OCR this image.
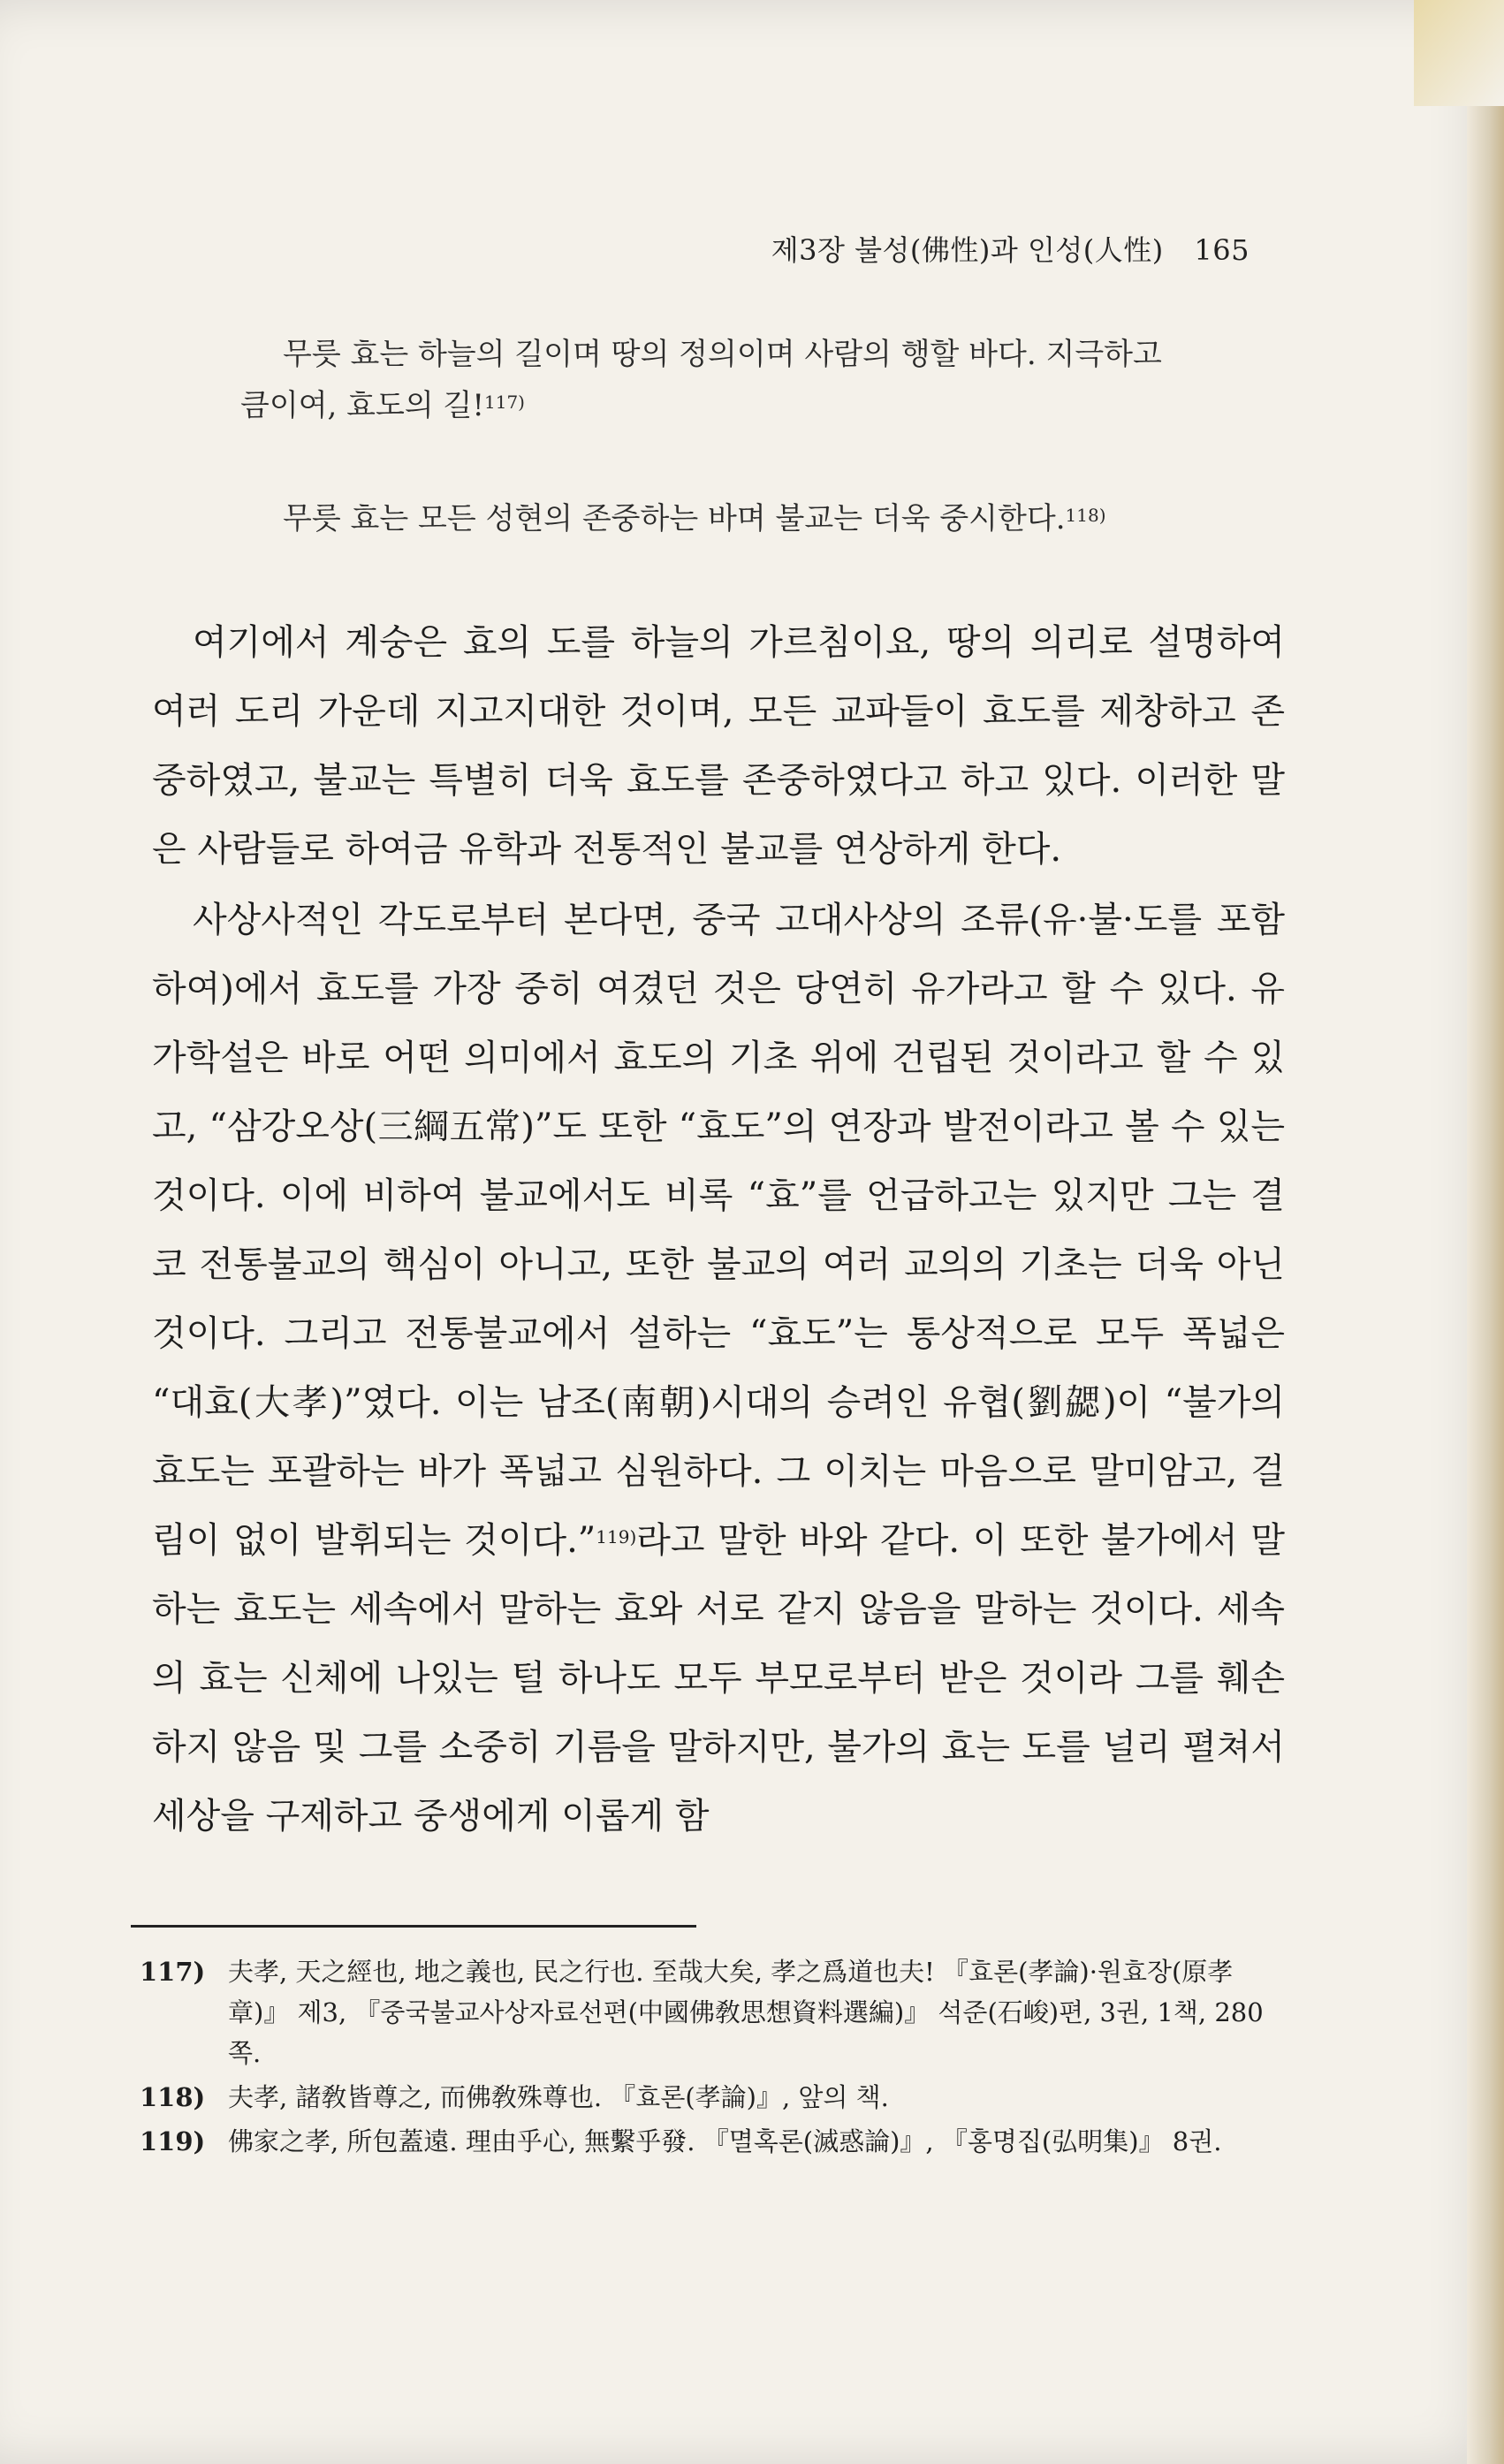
제3장 불성(佛性)과 인성(人性) 165
무릇 효는 하늘의 길이며 땅의 정의이며 사람의 행할 바다. 지극하고
큼이여, 효도의 길!$^{117)}$
무릇 효는 모든 성현의 존중하는 바며 불교는 더욱 중시한다.$^{118)}$

여기에서 계숭은 효의 도를 하늘의 가르침이요, 땅의 의리로 설명하여 여러 도리 가운데 지고지대한 것이며, 모든 교파들이 효도를 제창하고 존중하였고, 불교는 특별히 더욱 효도를 존중하였다고 하고 있다. 이러한 말은 사람들로 하여금 유학과 전통적인 불교를 연상하게 한다.

사상사적인 각도로부터 본다면, 중국 고대사상의 조류(유·불·도를 포함하여)에서 효도를 가장 중히 여겼던 것은 당연히 유가라고 할 수 있다. 유가학설은 바로 어떤 의미에서 효도의 기초 위에 건립된 것이라고 할 수 있고, “삼강오상(三綱五常)”도 또한 “효도”의 연장과 발전이라고 볼 수 있는 것이다. 이에 비하여 불교에서도 비록 “효”를 언급하고는 있지만 그는 결코 전통불교의 핵심이 아니고, 또한 불교의 여러 교의의 기초는 더욱 아닌 것이다. 그리고 전통불교에서 설하는 “효도”는 통상적으로 모두 폭넓은 “대효(大孝)”였다. 이는 남조(南朝)시대의 승려인 유협(劉勰)이 “불가의 효도는 포괄하는 바가 폭넓고 심원하다. 그 이치는 마음으로 말미암고, 걸림이 없이 발휘되는 것이다.”$^{119)}$라고 말한 바와 같다. 이 또한 불가에서 말하는 효도는 세속에서 말하는 효와 서로 같지 않음을 말하는 것이다. 세속의 효는 신체에 나있는 털 하나도 모두 부모로부터 받은 것이라 그를 훼손하지 않음 및 그를 소중히 기름을 말하지만, 불가의 효는 도를 널리 펼쳐서 세상을 구제하고 중생에게 이롭게 함

117) 夫孝, 天之經也, 地之義也, 民之行也. 至哉大矣, 孝之爲道也夫! 『효론(孝論)·원효장(原孝章)』 제3, 『중국불교사상자료선편(中國佛敎思想資料選編)』 석준(石峻)편, 3권, 1책, 280쪽.
118) 夫孝, 諸敎皆尊之, 而佛敎殊尊也. 『효론(孝論)』, 앞의 책.
119) 佛家之孝, 所包蓋遠. 理由乎心, 無繫乎發. 『멸혹론(滅惑論)』, 『홍명집(弘明集)』 8권.
